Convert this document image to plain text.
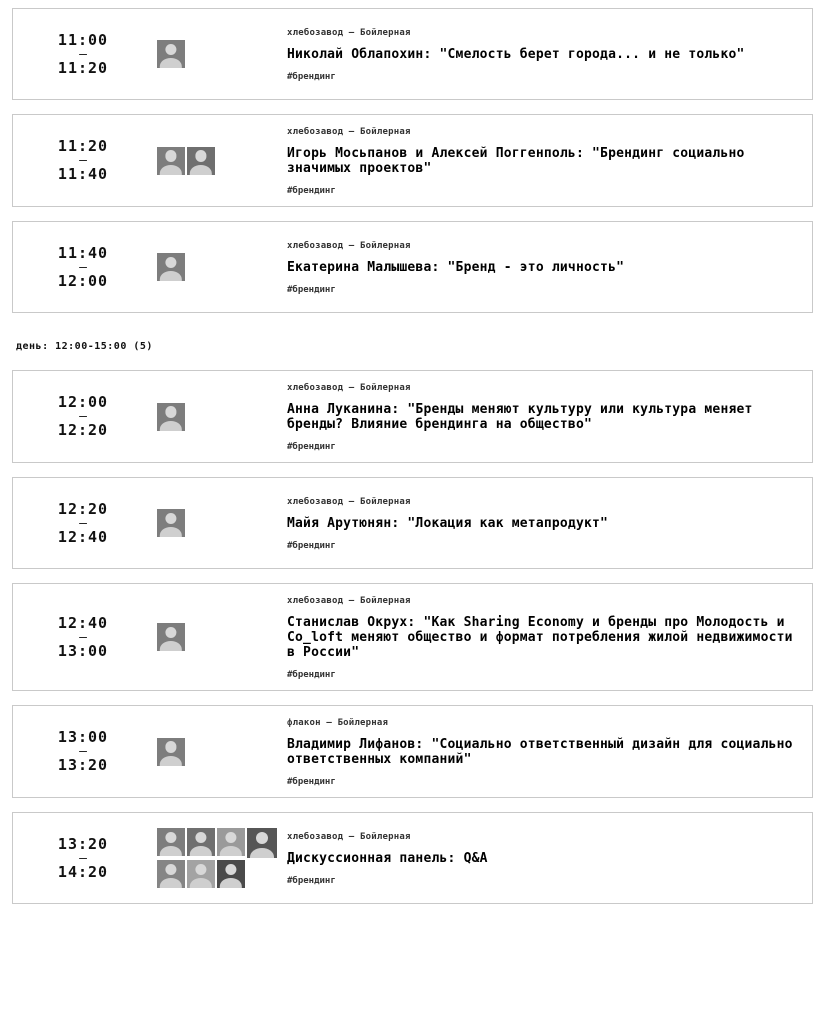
11:00
–
11:20
хлебозавод — Бойлерная
Николай Облапохин: "Смелость берет города... и не только"
#брендинг
11:20
–
11:40
хлебозавод — Бойлерная
Игорь Мосьпанов и Алексей Поггенполь: "Брендинг социально значимых проектов"
#брендинг
11:40
–
12:00
хлебозавод — Бойлерная
Екатерина Малышева: "Бренд - это личность"
#брендинг
день: 12:00-15:00 (5)
12:00
–
12:20
хлебозавод — Бойлерная
Анна Луканина: "Бренды меняют культуру или культура меняет бренды? Влияние брендинга на общество"
#брендинг
12:20
–
12:40
хлебозавод — Бойлерная
Майя Арутюнян: "Локация как метапродукт"
#брендинг
12:40
–
13:00
хлебозавод — Бойлерная
Станислав Окрух: "Как Sharing Economy и бренды про Молодость и Co_loft меняют общество и формат потребления жилой недвижимости в России"
#брендинг
13:00
–
13:20
флакон — Бойлерная
Владимир Лифанов: "Социально ответственный дизайн для социально ответственных компаний"
#брендинг
13:20
–
14:20
хлебозавод — Бойлерная
Дискуссионная панель: Q&A
#брендинг
